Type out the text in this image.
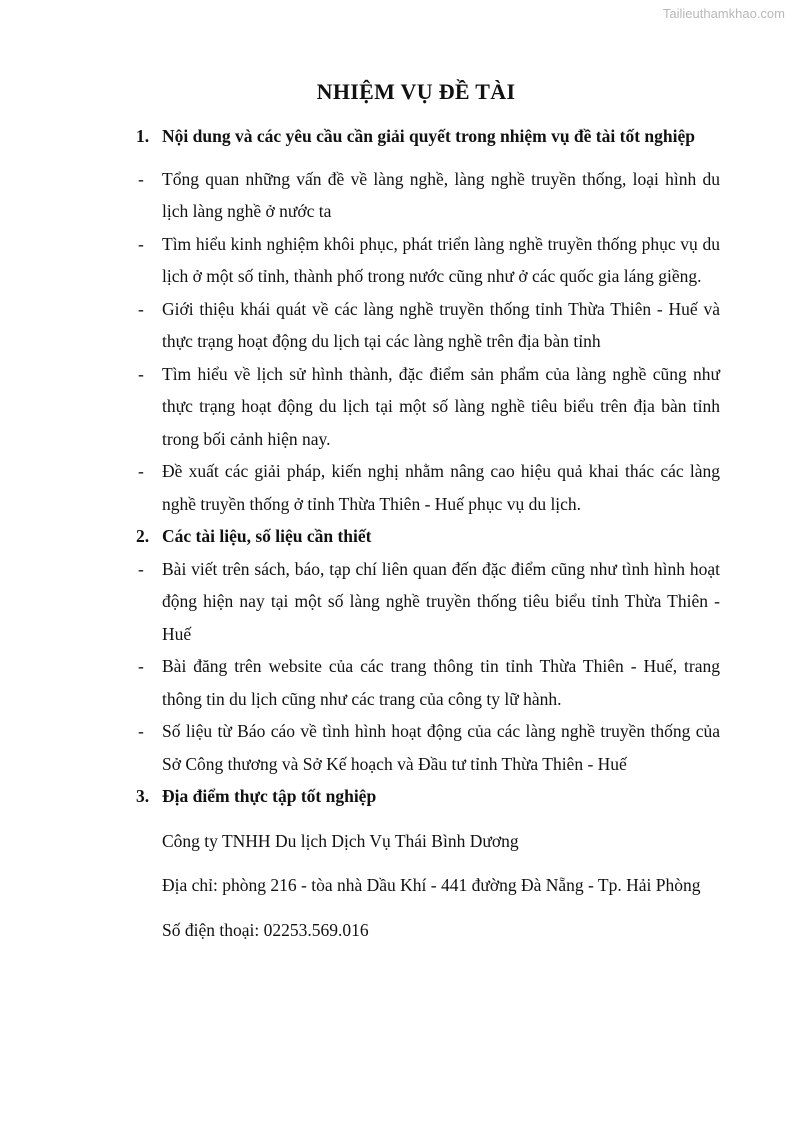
Tailieuthamkhao.com
NHIỆM VỤ ĐỀ TÀI
1. Nội dung và các yêu cầu cần giải quyết trong nhiệm vụ đề tài tốt nghiệp
- Tổng quan những vấn đề về làng nghề, làng nghề truyền thống, loại hình du lịch làng nghề ở nước ta
- Tìm hiểu kinh nghiệm khôi phục, phát triển làng nghề truyền thống phục vụ du lịch ở một số tỉnh, thành phố trong nước cũng như ở các quốc gia láng giềng.
- Giới thiệu khái quát về các làng nghề truyền thống tỉnh Thừa Thiên - Huế và thực trạng hoạt động du lịch tại các làng nghề trên địa bàn tỉnh
- Tìm hiểu về lịch sử hình thành, đặc điểm sản phẩm của làng nghề cũng như thực trạng hoạt động du lịch tại một số làng nghề tiêu biểu trên địa bàn tỉnh trong bối cảnh hiện nay.
- Đề xuất các giải pháp, kiến nghị nhằm nâng cao hiệu quả khai thác các làng nghề truyền thống ở tỉnh Thừa Thiên - Huế phục vụ du lịch.
2. Các tài liệu, số liệu cần thiết
- Bài viết trên sách, báo, tạp chí liên quan đến đặc điểm cũng như tình hình hoạt động hiện nay tại một số làng nghề truyền thống tiêu biểu tỉnh Thừa Thiên - Huế
- Bài đăng trên website của các trang thông tin tỉnh Thừa Thiên - Huế, trang thông tin du lịch cũng như các trang của công ty lữ hành.
- Số liệu từ Báo cáo về tình hình hoạt động của các làng nghề truyền thống của Sở Công thương và Sở Kế hoạch và Đầu tư tỉnh Thừa Thiên - Huế
3. Địa điểm thực tập tốt nghiệp
Công ty TNHH Du lịch Dịch Vụ Thái Bình Dương
Địa chỉ: phòng 216 - tòa nhà Dầu Khí - 441 đường Đà Nẵng - Tp. Hải Phòng
Số điện thoại: 02253.569.016
